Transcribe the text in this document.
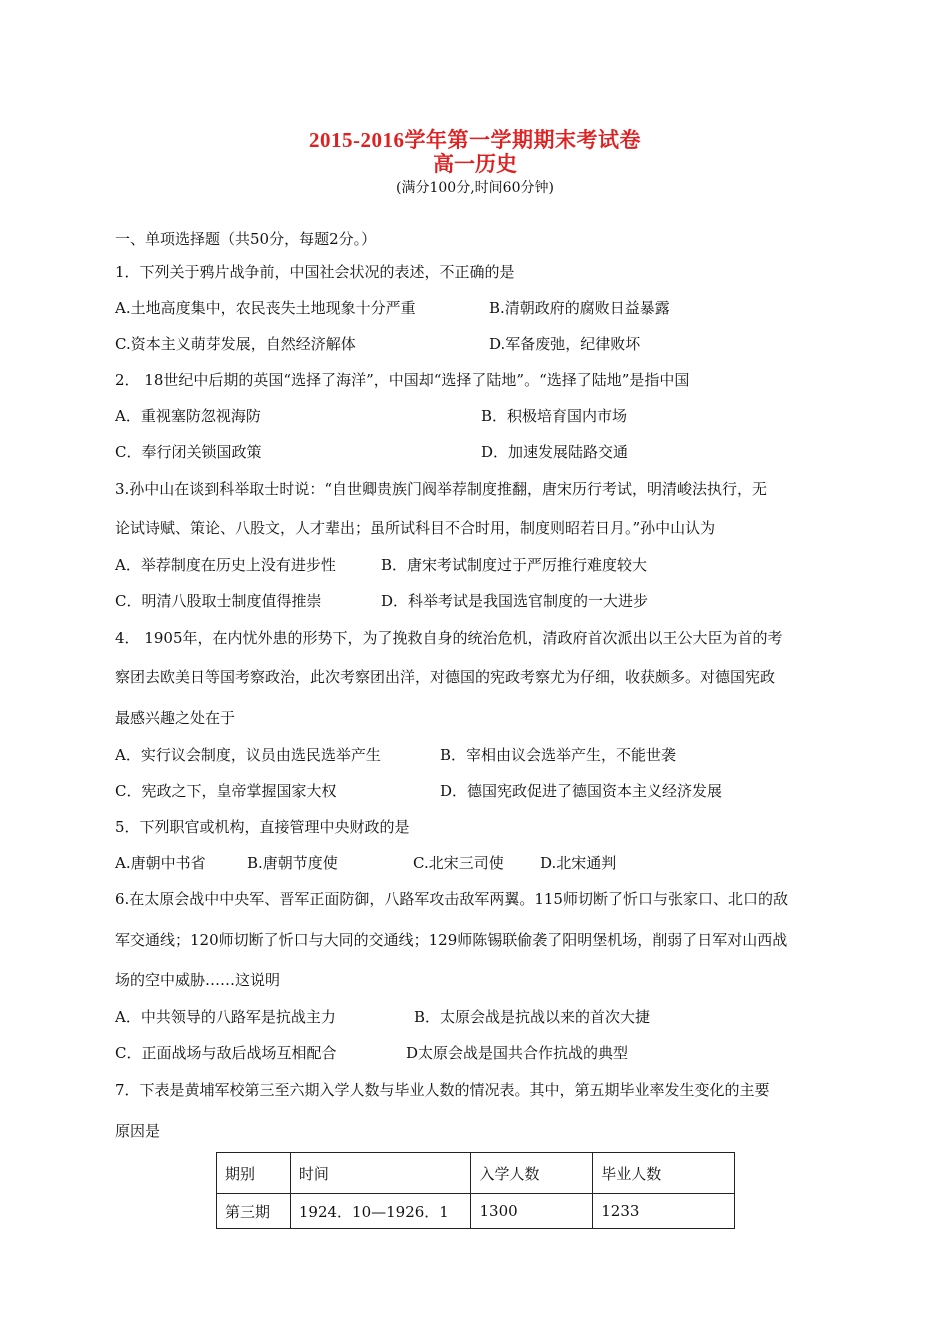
2015-2016学年第一学期期末考试卷
高一历史
(满分100分,时间60分钟)
一、单项选择题（共50分，每题2分。）
1．下列关于鸦片战争前，中国社会状况的表述，不正确的是
A.土地高度集中，农民丧失土地现象十分严重	B.清朝政府的腐败日益暴露
C.资本主义萌芽发展，自然经济解体	D.军备废弛，纪律败坏
2． 18世纪中后期的英国“选择了海洋”，中国却“选择了陆地”。“选择了陆地”是指中国
A．重视塞防忽视海防	B．积极培育国内市场
C．奉行闭关锁国政策	D．加速发展陆路交通
3.孙中山在谈到科举取士时说：“自世卿贵族门阀举荐制度推翻，唐宋历行考试，明清峻法执行，无
论试诗赋、策论、八股文，人才辈出；虽所试科目不合时用，制度则昭若日月。”孙中山认为
A．举荐制度在历史上没有进步性	B．唐宋考试制度过于严厉推行难度较大
C．明清八股取士制度值得推崇	D．科举考试是我国选官制度的一大进步
4． 1905年，在内忧外患的形势下，为了挽救自身的统治危机，清政府首次派出以王公大臣为首的考
察团去欧美日等国考察政治，此次考察团出洋，对德国的宪政考察尤为仔细，收获颇多。对德国宪政
最感兴趣之处在于
A．实行议会制度，议员由选民选举产生	B．宰相由议会选举产生，不能世袭
C．宪政之下，皇帝掌握国家大权	D．德国宪政促进了德国资本主义经济发展
5．下列职官或机构，直接管理中央财政的是
A.唐朝中书省	B.唐朝节度使	C.北宋三司使 D.北宋通判
6.在太原会战中中央军、晋军正面防御，八路军攻击敌军两翼。115师切断了忻口与张家口、北口的敌
军交通线；120师切断了忻口与大同的交通线；129师陈锡联偷袭了阳明堡机场，削弱了日军对山西战
场的空中威胁……这说明
A．中共领导的八路军是抗战主力	B．太原会战是抗战以来的首次大捷
C．正面战场与敌后战场互相配合	D太原会战是国共合作抗战的典型
7．下表是黄埔军校第三至六期入学人数与毕业人数的情况表。其中，第五期毕业率发生变化的主要
原因是
期别	时间	入学人数	毕业人数
第三期	1924．10—1926．1	1300	1233
